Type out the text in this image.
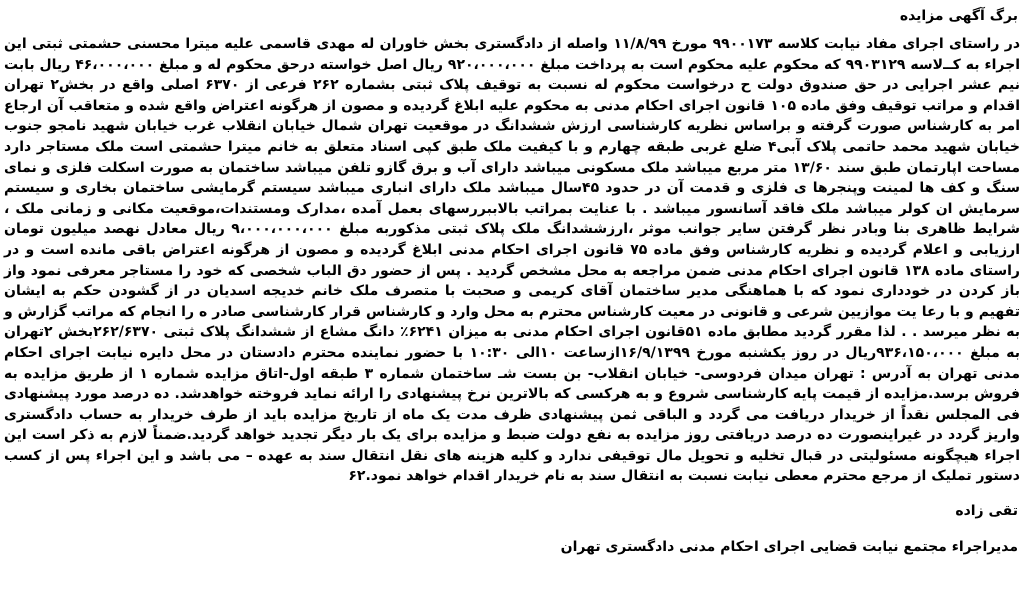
برگ آگهی مزایده

در راستای اجرای مفاد نیابت کلاسه ۹۹۰۰۱۷۳ مورخ ۱۱/۸/۹۹ واصله از دادگستری بخش خاوران له مهدی قاسمی علیه میترا محسنی حشمتی ثبتی این اجراء به کــ‌لاسه ۹۹۰۳۱۲۹ که محکوم علیه محکوم است به پرداخت مبلغ ۹۲۰،۰۰۰،۰۰۰ ریال اصل خواسته درحق محکوم له و مبلغ ۴۶،۰۰۰،۰۰۰ ریال بابت نیم عشر اجرایی در حق صندوق دولت ح درخواست محکوم له نسبت به توقیف پلاک ثبتی بشماره ۲۶۲ فرعی از ۶۳۷۰ اصلی واقع در بخش۲ تهران اقدام و مراتب توقیف وفق ماده ۱۰۵ قانون اجرای احکام مدنی به محکوم علیه ابلاغ گردیده و مصون از هرگونه اعتراض واقع شده و متعاقب آن ارجاع امر به کارشناس صورت گرفته و براساس نظریه کارشناسی ارزش ششدانگ در موقعیت تهران شمال خیابان انقلاب غرب خیابان شهید نامجو جنوب خیابان شهید محمد حاتمی پلاک آبی۴ ضلع غربی طبقه چهارم و با کیفیت ملک طبق کپی اسناد متعلق به خانم میترا حشمتی است ملک مستاجر دارد مساحت اپارتمان طبق سند ۱۳/۶۰ متر مربع میباشد ملک مسکونی میباشد دارای آب و برق گازو تلفن میباشد ساختمان به صورت اسکلت فلزی و نمای سنگ و کف ها لمینت وپنجرها ی فلزی و قدمت آن در حدود ۴۵سال میباشد ملک دارای انباری میباشد سیستم گرمایشی ساختمان بخاری و سیستم سرمایش ان کولر میباشد ملک فاقد آسانسور میباشد . با عنایت بمراتب بالاببررسهای بعمل آمده ،مدارک ومستندات،موقعیت مکانی و زمانی ملک ، شرایط ظاهری بنا وبادر نظر گرفتن سایر جوانب موثر ،ارزششدانگ ملک پلاک ثبتی مذکوربه مبلغ ۹،۰۰۰،۰۰۰،۰۰۰ ریال معادل نهصد میلیون تومان ارزیابی و اعلام گردیده و نظریه کارشناس وفق ماده ۷۵ قانون اجرای احکام مدنی ابلاغ گردیده و مصون از هرگونه اعتراض باقی مانده است و در راستای ماده ۱۳۸ قانون اجرای احکام مدنی ضمن مراجعه به محل مشخص گردید . پس از حضور دق الباب شخصی که خود را مستاجر معرفی نمود واز باز کردن در خودداری نمود که با هماهنگی مدیر ساختمان آقای کریمی و صحبت با متصرف ملک خانم خدیجه اسدیان در از گشودن حکم به ایشان تفهیم و با رعا یت موازیین شرعی و قانونی در معیت کارشناس محترم به محل وارد و کارشناس قرار کارشناسی صادر ه را انجام که مراتب گزارش و به نظر میرسد . . لذا مقرر گردید مطابق ماده ۵۱قانون اجرای احکام مدنی به میزان ۶۲۴۱٪ دانگ مشاع از ششدانگ پلاک ثبتی ۲۶۲/۶۳۷۰بخش ۲تهران به مبلغ ۹۳۶،۱۵۰،۰۰۰ریال در روز یکشنبه مورخ ۱۶/۹/۱۳۹۹ازساعت ۱۰الی ۱۰:۳۰ با حضور نماینده محترم دادستان در محل دایره نیابت اجرای احکام مدنی تهران به آدرس : تهران میدان فردوسی- خیابان انقلاب- بن بست شـ ساختمان شماره ۳ طبقه اول-اتاق مزایده شماره ۱ از طریق مزایده به فروش برسد.مزایده از قیمت پایه کارشناسی شروع و به هرکسی که بالاترین نرخ پیشنهادی را ارائه نماید فروخته خواهدشد. ده درصد مورد پیشنهادی فی المجلس نقداً از خریدار دریافت می گردد و الباقی ثمن پیشنهادی ظرف مدت یک ماه از تاریخ مزایده باید از طرف خریدار به حساب دادگستری واریز گردد در غیراینصورت ده درصد دریافتی روز مزایده به نفع دولت ضبط و مزایده برای یک بار دیگر تجدید خواهد گردید.ضمناً لازم به ذکر است این اجراء هیچگونه مسئولیتی در قبال تخلیه و تحویل مال توقیفی ندارد و کلیه هزینه های نقل انتقال سند به عهده – می باشد و این اجراء پس از کسب دستور تملیک از مرجع محترم معطی نیابت نسبت به انتقال سند به نام خریدار اقدام خواهد نمود.۶۲

تقی زاده
مدیراجراء مجتمع نیابت قضایی اجرای احکام مدنی دادگستری تهران
